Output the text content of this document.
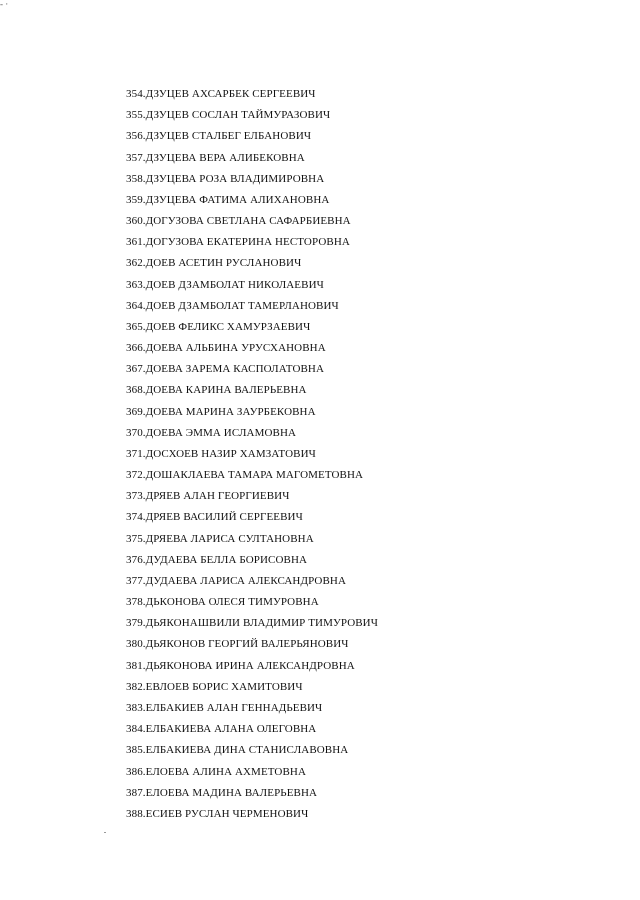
- ·
354.ДЗУЦЕВ АХСАРБЕК СЕРГЕЕВИЧ
355.ДЗУЦЕВ СОСЛАН ТАЙМУРАЗОВИЧ
356.ДЗУЦЕВ СТАЛБЕГ ЕЛБАНОВИЧ
357.ДЗУЦЕВА ВЕРА АЛИБЕКОВНА
358.ДЗУЦЕВА РОЗА ВЛАДИМИРОВНА
359.ДЗУЦЕВА ФАТИМА АЛИХАНОВНА
360.ДОГУЗОВА СВЕТЛАНА САФАРБИЕВНА
361.ДОГУЗОВА ЕКАТЕРИНА НЕСТОРОВНА
362.ДОЕВ АСЕТИН РУСЛАНОВИЧ
363.ДОЕВ ДЗАМБОЛАТ НИКОЛАЕВИЧ
364.ДОЕВ ДЗАМБОЛАТ ТАМЕРЛАНОВИЧ
365.ДОЕВ ФЕЛИКС ХАМУРЗАЕВИЧ
366.ДОЕВА АЛЬБИНА УРУСХАНОВНА
367.ДОЕВА ЗАРЕМА КАСПОЛАТОВНА
368.ДОЕВА КАРИНА ВАЛЕРЬЕВНА
369.ДОЕВА МАРИНА ЗАУРБЕКОВНА
370.ДОЕВА ЭММА ИСЛАМОВНА
371.ДОСХОЕВ НАЗИР ХАМЗАТОВИЧ
372.ДОШАКЛАЕВА ТАМАРА МАГОМЕТОВНА
373.ДРЯЕВ АЛАН ГЕОРГИЕВИЧ
374.ДРЯЕВ ВАСИЛИЙ СЕРГЕЕВИЧ
375.ДРЯЕВА ЛАРИСА СУЛТАНОВНА
376.ДУДАЕВА БЕЛЛА БОРИСОВНА
377.ДУДАЕВА ЛАРИСА АЛЕКСАНДРОВНА
378.ДЬКОНОВА ОЛЕСЯ ТИМУРОВНА
379.ДЬЯКОНАШВИЛИ ВЛАДИМИР ТИМУРОВИЧ
380.ДЬЯКОНОВ ГЕОРГИЙ ВАЛЕРЬЯНОВИЧ
381.ДЬЯКОНОВА ИРИНА АЛЕКСАНДРОВНА
382.ЕВЛОЕВ БОРИС ХАМИТОВИЧ
383.ЕЛБАКИЕВ АЛАН ГЕННАДЬЕВИЧ
384.ЕЛБАКИЕВА АЛАНА ОЛЕГОВНА
385.ЕЛБАКИЕВА ДИНА СТАНИСЛАВОВНА
386.ЕЛОЕВА АЛИНА АХМЕТОВНА
387.ЕЛОЕВА МАДИНА ВАЛЕРЬЕВНА
388.ЕСИЕВ РУСЛАН ЧЕРМЕНОВИЧ
